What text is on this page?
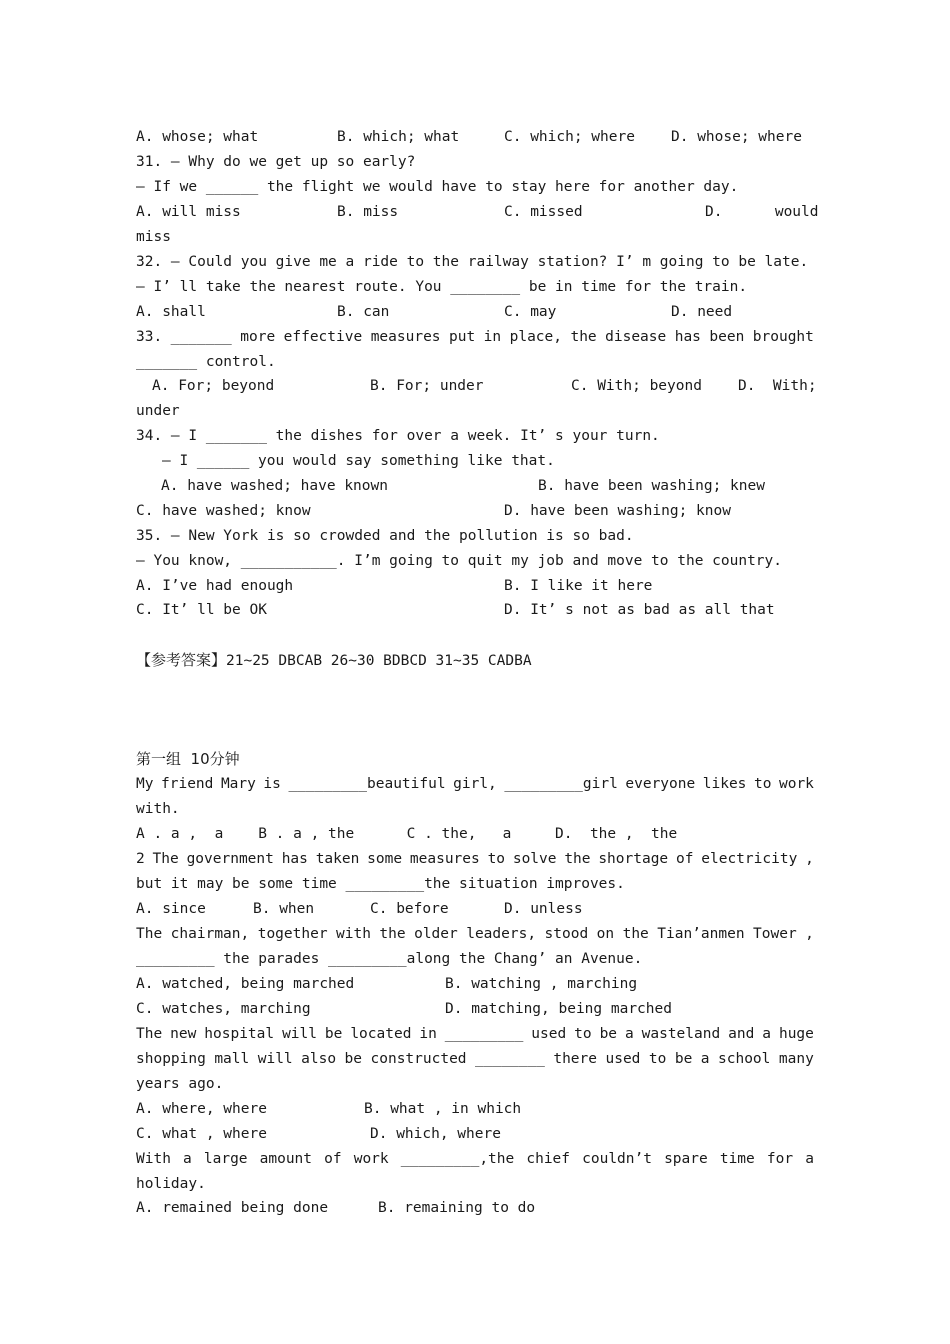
A. whose; what	B. which; what	C. which; where D. whose; where
31. — Why do we get up so early?
— If we ______ the flight we would have to stay here for another day.
A. will miss	B. miss	C. missed	D.      would
miss
32. — Could you give me a ride to the railway station? I’ m going to be late.
— I’ ll take the nearest route. You ________ be in time for the train.
A. shall	B. can	C. may	D. need
33. _______ more effective measures put in place, the disease has been brought
_______ control.
A. For; beyond	B. For; under	C. With; beyond D.  With;
under
34. — I _______ the dishes for over a week. It’ s your turn.
— I ______ you would say something like that.
A. have washed; have known	B. have been washing; knew
C. have washed; know	D. have been washing; know
35. — New York is so crowded and the pollution is so bad.
— You know, ___________. I’m going to quit my job and move to the country.
A. I’ve had enough	B. I like it here
C. It’ ll be OK	D. It’ s not as bad as all that
【参考答案】21~25 DBCAB 26~30 BDBCD 31~35 CADBA
第一组  10分钟
My friend Mary is _________beautiful girl, _________girl everyone likes to work
with.
A . a ,  a    B . a , the      C . the,   a     D.  the ,  the
2 The government has taken some measures to solve the shortage of electricity ,
but it may be some time _________the situation improves.
A. since	B. when	C. before	D. unless
The chairman, together with the older leaders, stood on the Tian’anmen Tower ,
_________ the parades _________along the Chang’ an Avenue.
A. watched, being marched	B. watching , marching
C. watches, marching	D. matching, being marched
The new hospital will be located in _________ used to be a wasteland and a huge
shopping mall will also be constructed ________ there used to be a school many
years ago.
A. where, where	B. what , in which
C. what , where	D. which, where
With a large amount of work _________,the chief couldn’t spare time for a
holiday.
A. remained being done	B. remaining to do
